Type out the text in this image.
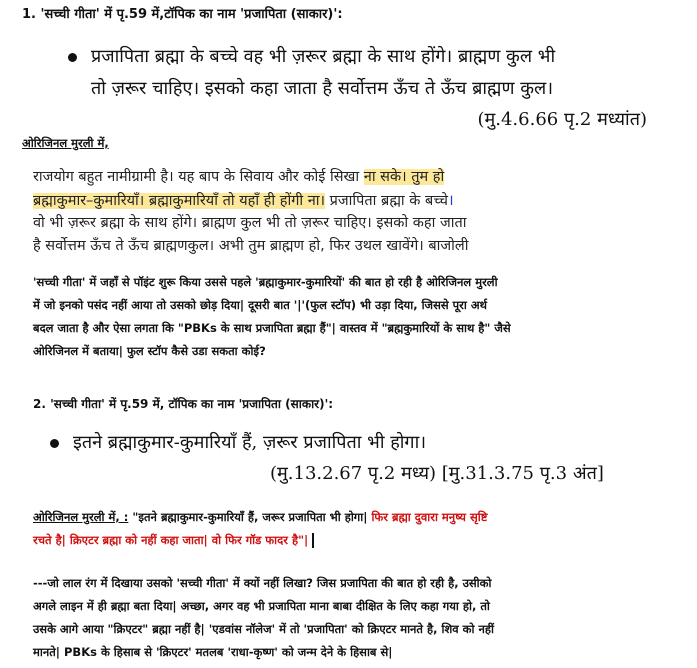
1. 'सच्ची गीता' में पृ.59 में,टॉपिक का नाम 'प्रजापिता (साकार)':
प्रजापिता ब्रह्मा के बच्चे वह भी ज़रूर ब्रह्मा के साथ होंगे। ब्राह्मण कुल भी
तो ज़रूर चाहिए। इसको कहा जाता है सर्वोत्तम ऊँच ते ऊँच ब्राह्मण कुल।
(मु.4.6.66 पृ.2 मध्यांत)
ओरिजिनल मुरली में,
राजयोग बहुत नामीग्रामी है। यह बाप के सिवाय और कोई सिखा ना सके। तुम हो
ब्रह्माकुमार–कुमारियाँ। ब्रह्माकुमारियाँ तो यहाँ ही होंगी ना। प्रजापिता ब्रह्मा के बच्चे।
वो भी ज़रूर ब्रह्मा के साथ होंगे। ब्राह्मण कुल भी तो ज़रूर चाहिए। इसको कहा जाता
है सर्वोत्तम ऊँच ते ऊँच ब्राह्मणकुल। अभी तुम ब्राह्मण हो, फिर उथल खावेंगे। बाजोली
'सच्ची गीता' में जहाँ से पॉइंट शुरू किया उससे पहले 'ब्रह्माकुमार-कुमारियों' की बात हो रही है ओरिजिनल मुरली
में जो इनको पसंद नहीं आया तो उसको छोड़ दिया| दूसरी बात '|'(फुल स्टॉप) भी उड़ा दिया, जिससे पूरा अर्थ
बदल जाता है और ऐसा लगता कि "PBKs के साथ प्रजापिता ब्रह्मा हैं"| वास्तव में "ब्रह्मकुमारियों के साथ है" जैसे
ओरिजिनल में बताया| फुल स्टॉप कैसे उडा सकता कोई?
2. 'सच्ची गीता' में पृ.59 में, टॉपिक का नाम 'प्रजापिता (साकार)':
इतने ब्रह्माकुमार-कुमारियाँ हैं, ज़रूर प्रजापिता भी होगा।
(मु.13.2.67 पृ.2 मध्य) [मु.31.3.75 पृ.3 अंत]
ओरिजिनल मुरली में, : "इतने ब्रह्माकुमार-कुमारियाँ हैं, जरूर प्रजापिता भी होगा| फिर ब्रह्मा दुवारा मनुष्य सृष्टि
रचते है| क्रिएटर ब्रह्मा को नहीं कहा जाता| वो फिर गॉड फादर है"|
---जो लाल रंग में दिखाया उसको 'सच्ची गीता' में क्यों नहीं लिखा? जिस प्रजापिता की बात हो रही है, उसीको
अगले लाइन में ही ब्रह्मा बता दिया| अच्छा, अगर वह भी प्रजापिता माना बाबा दीक्षित के लिए कहा गया हो, तो
उसके आगे आया "क्रिएटर" ब्रह्मा नहीं है| 'एडवांस नॉलेज' में तो 'प्रजापिता' को क्रिएटर मानते है, शिव को नहीं
मानते| PBKs के हिसाब से 'क्रिएटर' मतलब 'राधा-कृष्ण' को जन्म देने के हिसाब से|
